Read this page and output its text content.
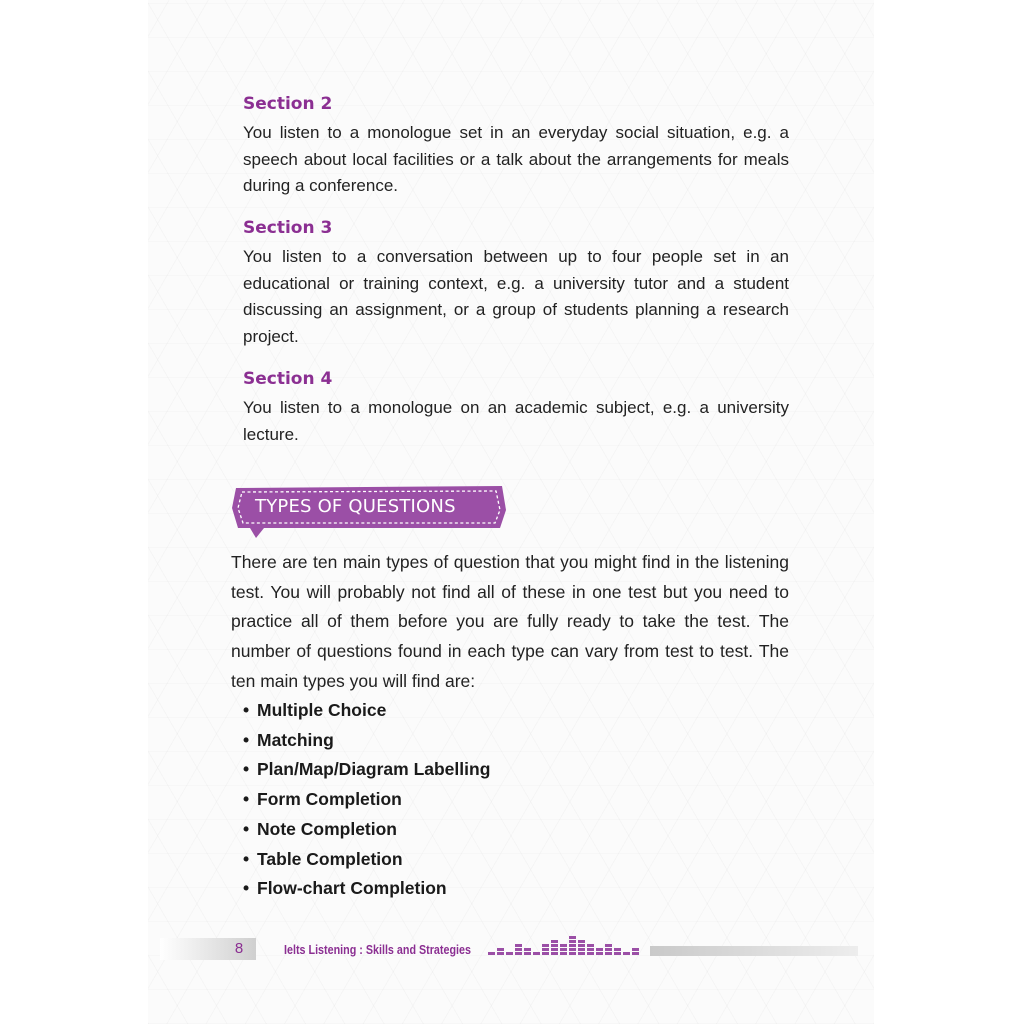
Section 2
You listen to a monologue set in an everyday social situation, e.g. a speech about local facilities or a talk about the arrangements for meals during a conference.
Section 3
You listen to a conversation between up to four people set in an educational or training context, e.g. a university tutor and a student discussing an assignment, or a group of students planning a research project.
Section 4
You listen to a monologue on an academic subject, e.g. a university lecture.
TYPES OF QUESTIONS
There are ten main types of question that you might find in the listening test. You will probably not find all of these in one test but you need to practice all of them before you are fully ready to take the test. The number of questions found in each type can vary from test to test. The ten main types you will find are:
• Multiple Choice
• Matching
• Plan/Map/Diagram Labelling
• Form Completion
• Note Completion
• Table Completion
• Flow-chart Completion
8	Ielts Listening : Skills and Strategies
